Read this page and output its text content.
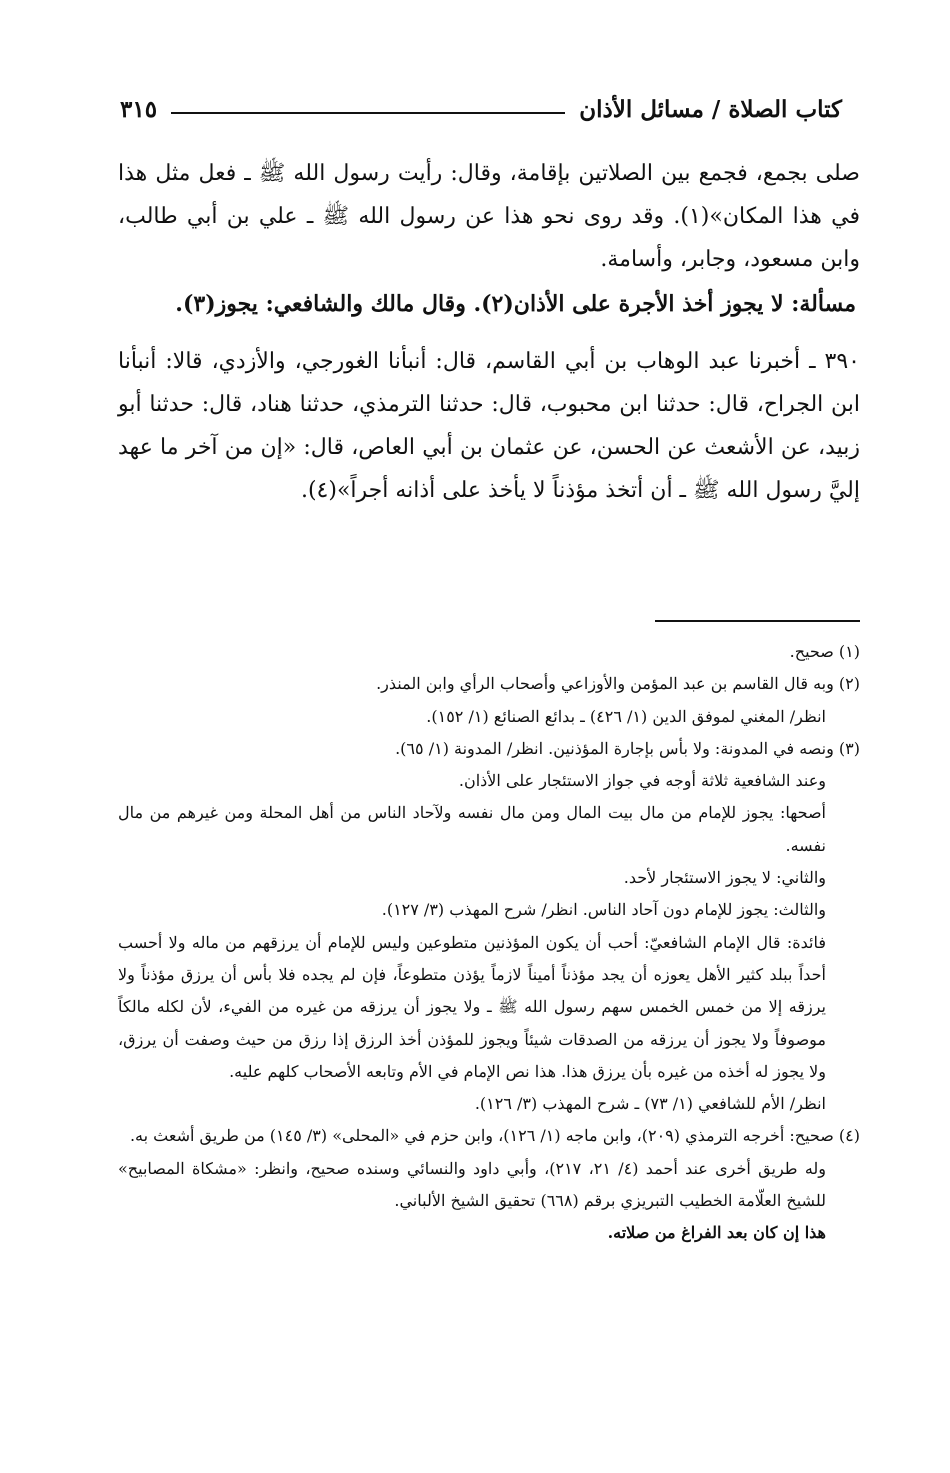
كتاب الصلاة / مسائل الأذان
٣١٥

صلى بجمع، فجمع بين الصلاتين بإقامة، وقال: رأيت رسول الله ﷺ ـ فعل مثل هذا في هذا المكان»(١). وقد روى نحو هذا عن رسول الله ﷺ ـ علي بن أبي طالب، وابن مسعود، وجابر، وأسامة.

مسألة: لا يجوز أخذ الأجرة على الأذان(٢). وقال مالك والشافعي: يجوز(٣).

٣٩٠ ـ أخبرنا عبد الوهاب بن أبي القاسم، قال: أنبأنا الغورجي، والأزدي، قالا: أنبأنا ابن الجراح، قال: حدثنا ابن محبوب، قال: حدثنا الترمذي، حدثنا هناد، قال: حدثنا أبو زبيد، عن الأشعث عن الحسن، عن عثمان بن أبي العاص، قال: «إن من آخر ما عهد إليَّ رسول الله ﷺ ـ أن أتخذ مؤذناً لا يأخذ على أذانه أجراً»(٤).

(١) صحيح.

(٢) وبه قال القاسم بن عبد المؤمن والأوزاعي وأصحاب الرأي وابن المنذر.

انظر/ المغني لموفق الدين (١/ ٤٢٦) ـ بدائع الصنائع (١/ ١٥٢).

(٣) ونصه في المدونة: ولا بأس بإجارة المؤذنين. انظر/ المدونة (١/ ٦٥).

وعند الشافعية ثلاثة أوجه في جواز الاستئجار على الأذان.

أصحها: يجوز للإمام من مال بيت المال ومن مال نفسه ولآحاد الناس من أهل المحلة ومن غيرهم من مال نفسه.

والثاني: لا يجوز الاستئجار لأحد.

والثالث: يجوز للإمام دون آحاد الناس. انظر/ شرح المهذب (٣/ ١٢٧).

فائدة: قال الإمام الشافعيّ: أحب أن يكون المؤذنين متطوعين وليس للإمام أن يرزقهم من ماله ولا أحسب أحداً ببلد كثير الأهل يعوزه أن يجد مؤذناً أميناً لازماً يؤذن متطوعاً، فإن لم يجده فلا بأس أن يرزق مؤذناً ولا يرزقه إلا من خمس الخمس سهم رسول الله ﷺ ـ ولا يجوز أن يرزقه من غيره من الفيء، لأن لكله مالكاً موصوفاً ولا يجوز أن يرزقه من الصدقات شيئاً ويجوز للمؤذن أخذ الرزق إذا رزق من حيث وصفت أن يرزق، ولا يجوز له أخذه من غيره بأن يرزق هذا. هذا نص الإمام في الأم وتابعه الأصحاب كلهم عليه.

انظر/ الأم للشافعي (١/ ٧٣) ـ شرح المهذب (٣/ ١٢٦).

(٤) صحيح: أخرجه الترمذي (٢٠٩)، وابن ماجه (١/ ١٢٦)، وابن حزم في «المحلى» (٣/ ١٤٥) من طريق أشعث به.

وله طريق أخرى عند أحمد (٤/ ٢١، ٢١٧)، وأبي داود والنسائي وسنده صحيح، وانظر: «مشكاة المصابيح» للشيخ العلّامة الخطيب التبريزي برقم (٦٦٨) تحقيق الشيخ الألباني.

هذا إن كان بعد الفراغ من صلاته.
